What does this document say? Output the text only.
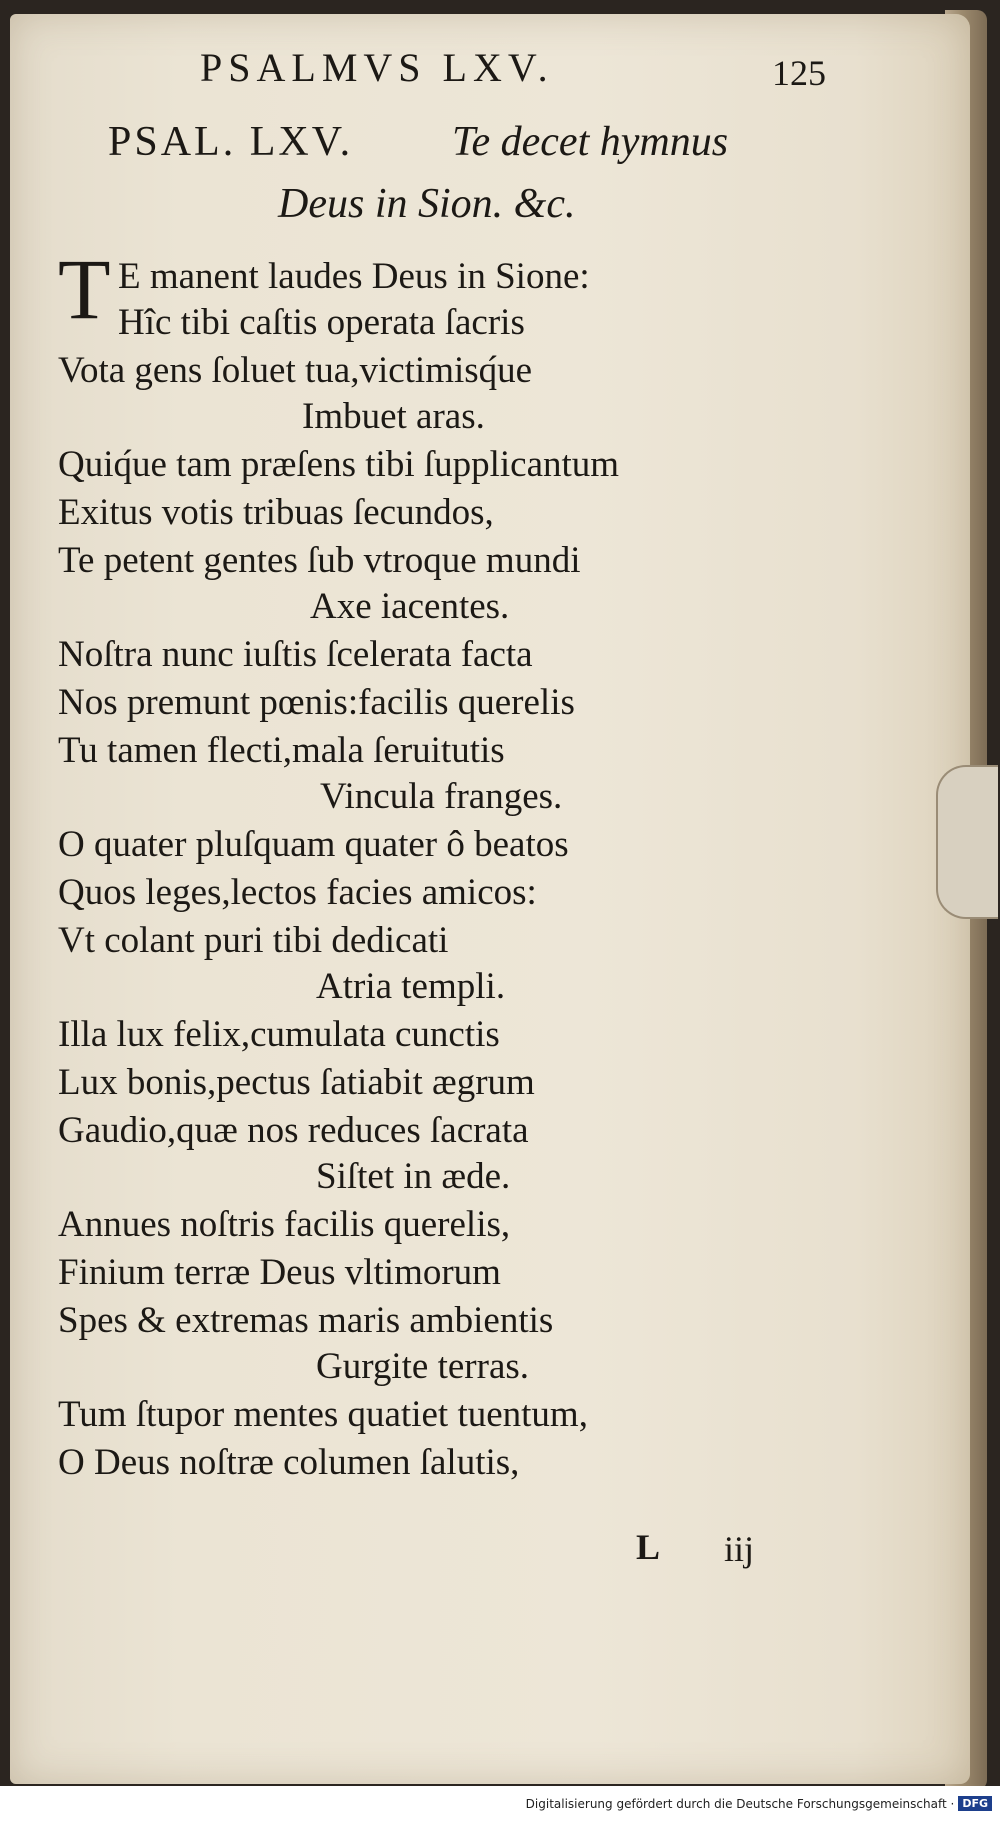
PSALMVS LXV.	125
PSAL. LXV. Te decet hymnus
Deus in Sion. &c.
T E manent laudes Deus in Sione:
Hîc tibi caſtis operata ſacris
Vota gens ſoluet tua,victimisq́ue
Imbuet aras.
Quiq́ue tam præſens tibi ſupplicantum
Exitus votis tribuas ſecundos,
Te petent gentes ſub vtroque mundi
Axe iacentes.
Noſtra nunc iuſtis ſcelerata facta
Nos premunt pœnis:facilis querelis
Tu tamen flecti,mala ſeruitutis
Vincula franges.
O quater pluſquam quater ô beatos
Quos leges,lectos facies amicos:
Vt colant puri tibi dedicati
Atria templi.
Illa lux felix,cumulata cunctis
Lux bonis,pectus ſatiabit ægrum
Gaudio,quæ nos reduces ſacrata
Siſtet in æde.
Annues noſtris facilis querelis,
Finium terræ Deus vltimorum
Spes & extremas maris ambientis
Gurgite terras.
Tum ſtupor mentes quatiet tuentum,
O Deus noſtræ columen ſalutis,
L iij
Digitalisierung gefördert durch die Deutsche Forschungsgemeinschaft · DFG
